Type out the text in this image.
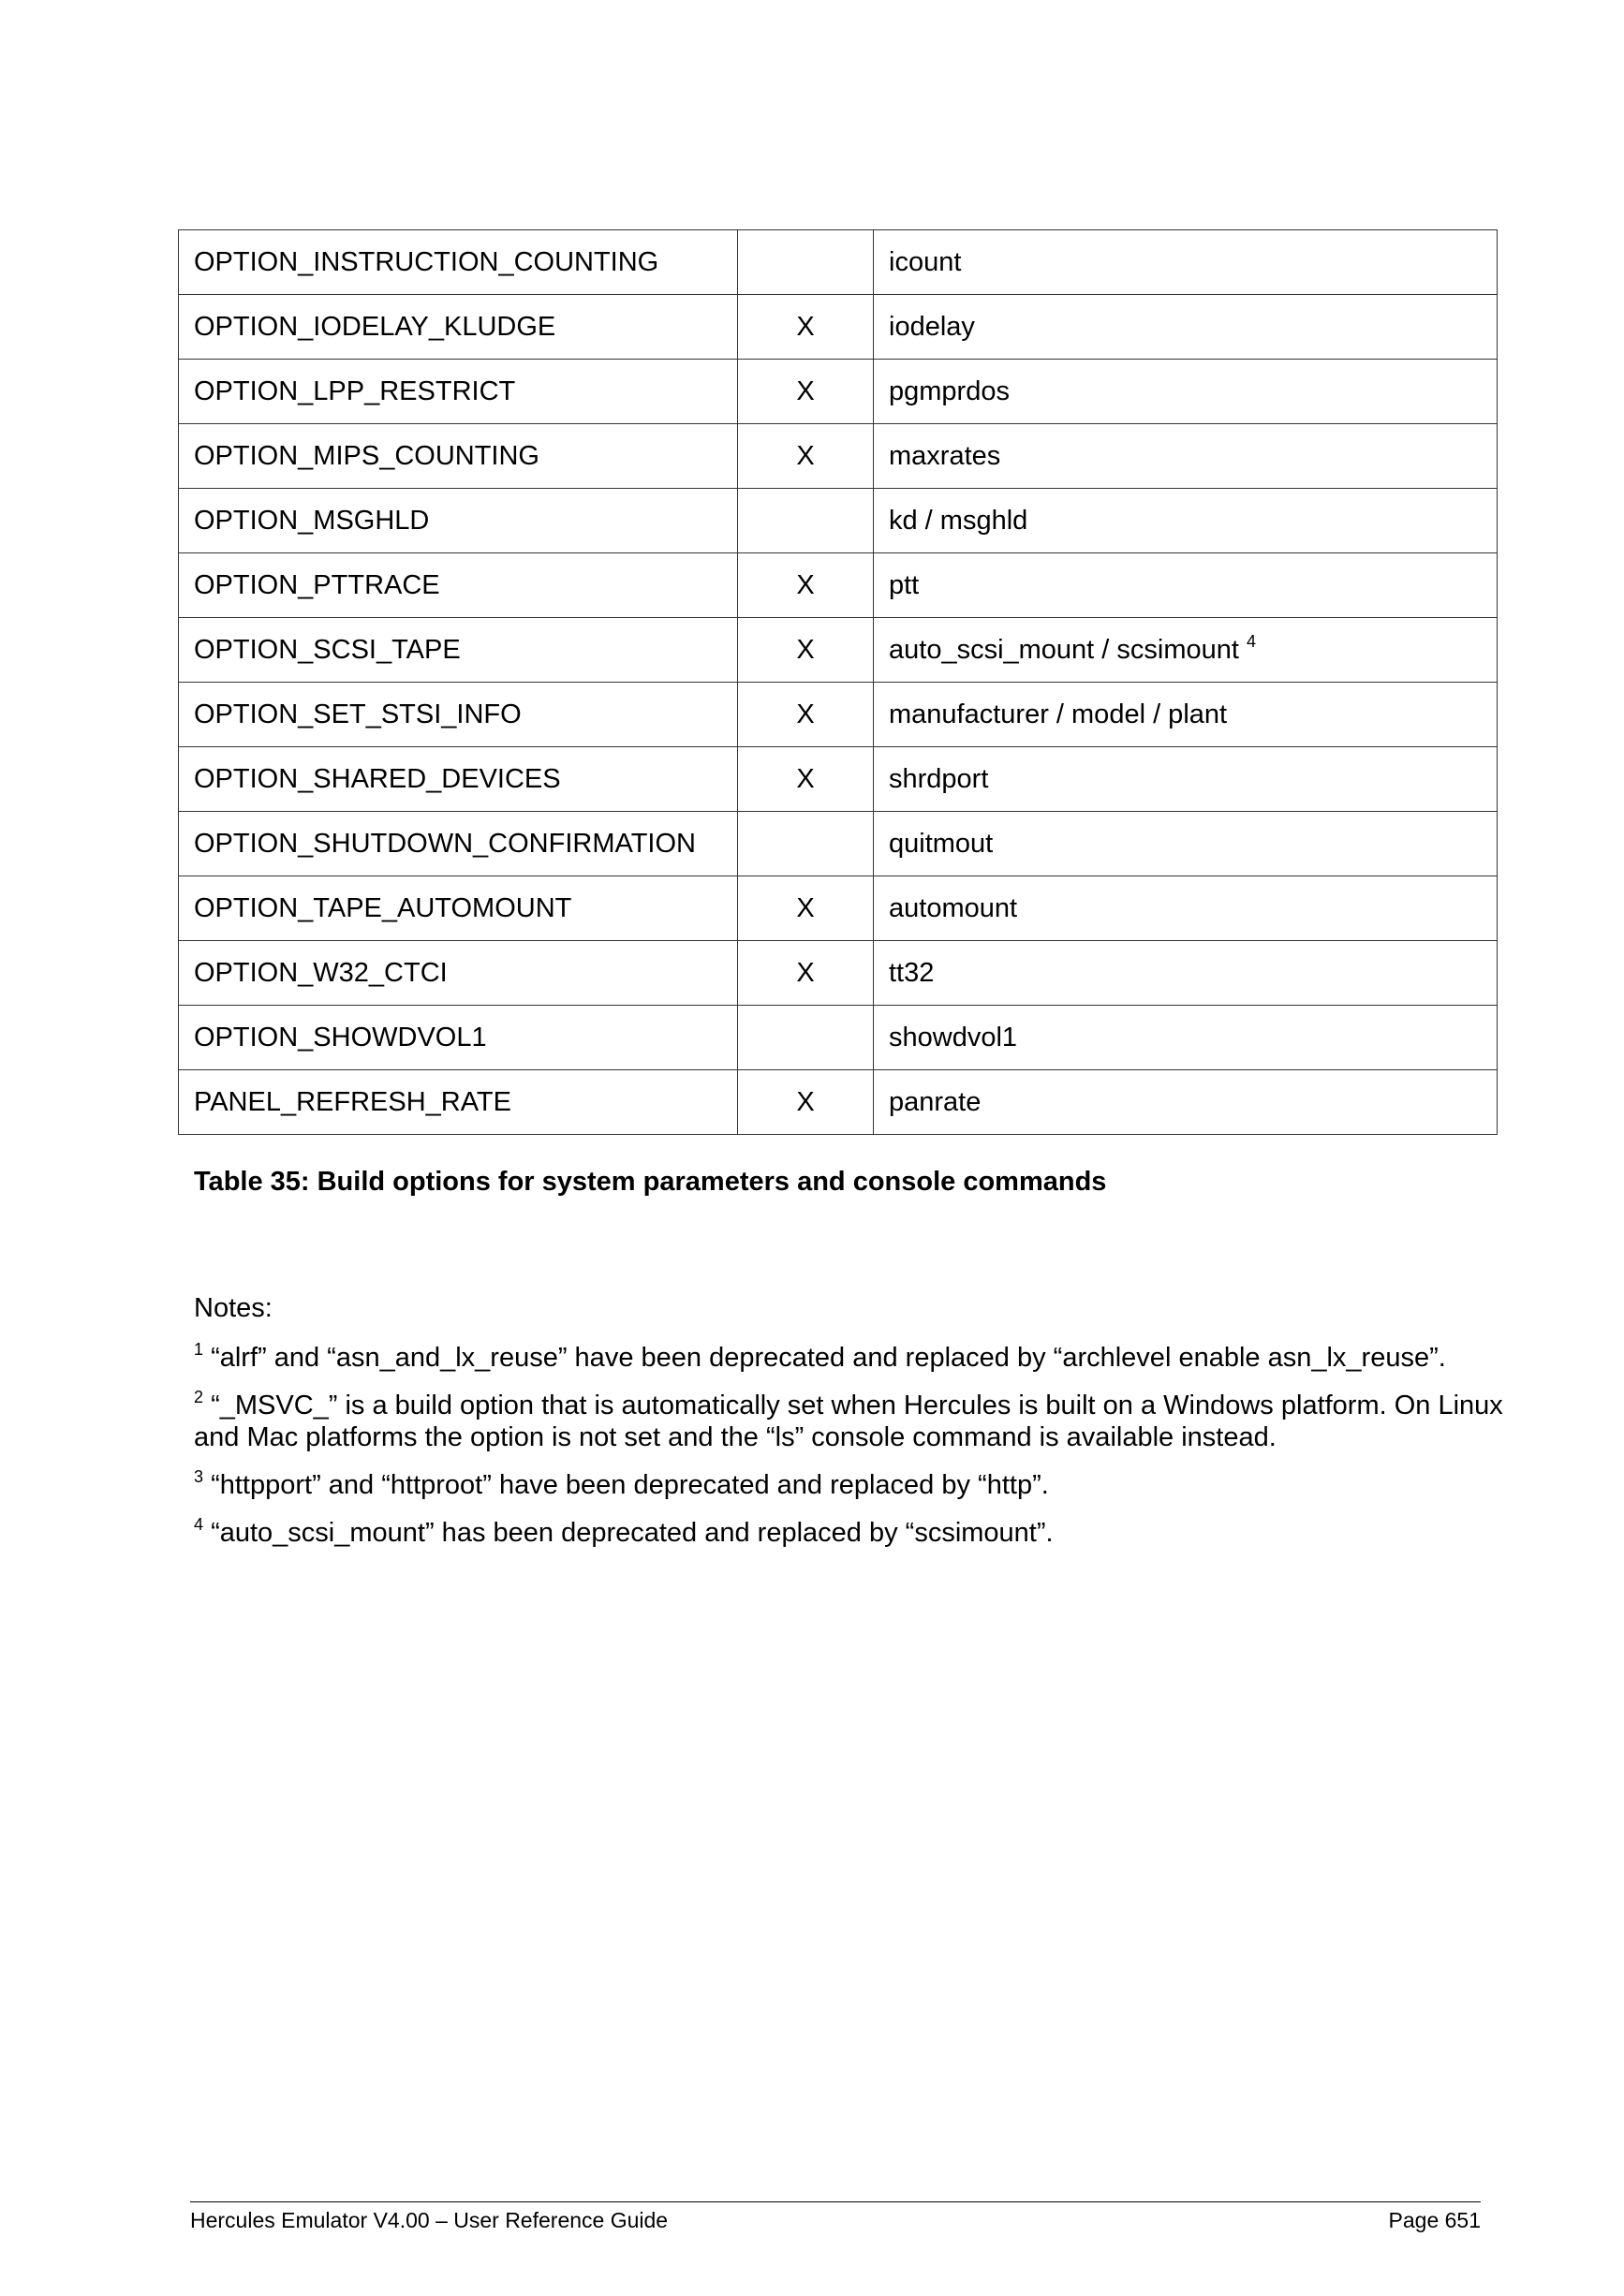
OPTION_INSTRUCTION_COUNTING		icount
OPTION_IODELAY_KLUDGE	X	iodelay
OPTION_LPP_RESTRICT	X	pgmprdos
OPTION_MIPS_COUNTING	X	maxrates
OPTION_MSGHLD		kd / msghld
OPTION_PTTRACE	X	ptt
OPTION_SCSI_TAPE	X	auto_scsi_mount / scsimount $^4$
OPTION_SET_STSI_INFO	X	manufacturer / model / plant
OPTION_SHARED_DEVICES	X	shrdport
OPTION_SHUTDOWN_CONFIRMATION		quitmout
OPTION_TAPE_AUTOMOUNT	X	automount
OPTION_W32_CTCI	X	tt32
OPTION_SHOWDVOL1		showdvol1
PANEL_REFRESH_RATE	X	panrate

Table 35: Build options for system parameters and console commands

Notes:

$^1$ “alrf” and “asn_and_lx_reuse” have been deprecated and replaced by “archlevel enable asn_lx_reuse”.

$^2$ “_MSVC_” is a build option that is automatically set when Hercules is built on a Windows platform. On Linux and Mac platforms the option is not set and the “ls” console command is available instead.

$^3$ “httpport” and “httproot” have been deprecated and replaced by “http”.

$^4$ “auto_scsi_mount” has been deprecated and replaced by “scsimount”.

Hercules Emulator V4.00 – User Reference Guide	Page 651
